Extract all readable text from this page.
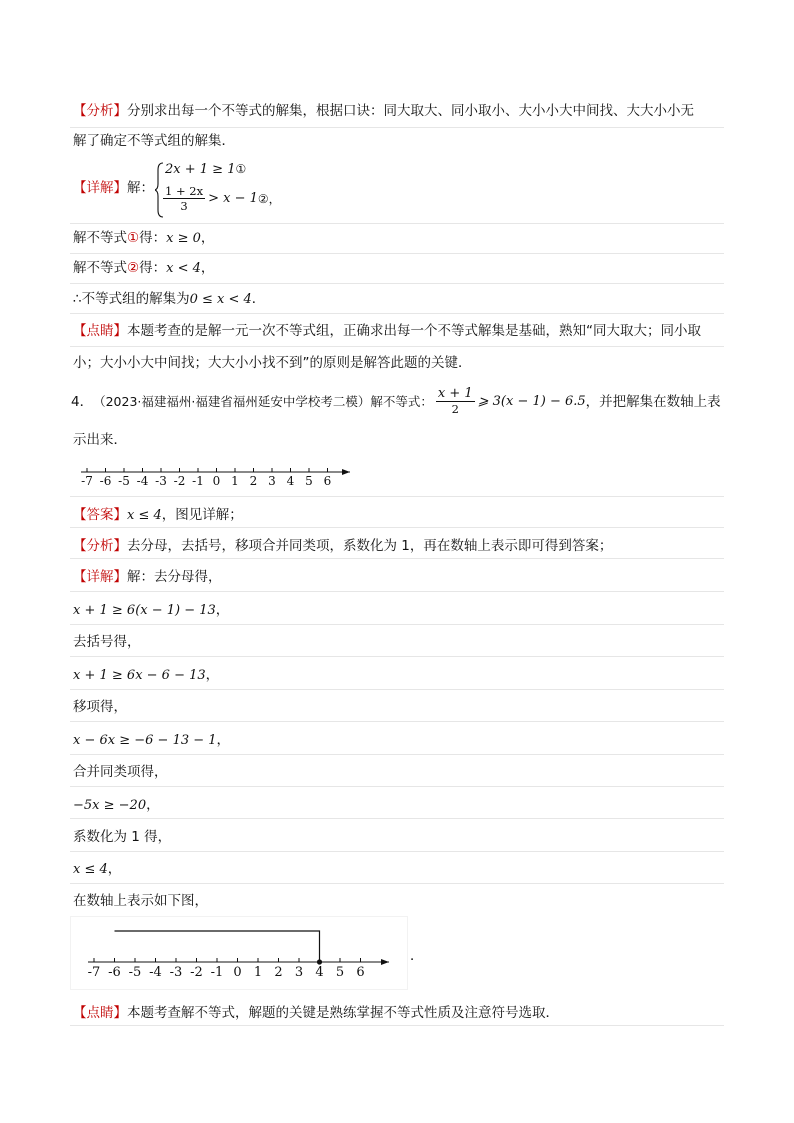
【分析】分别求出每一个不等式的解集，根据口诀：同大取大、同小取小、大小小大中间找、大大小小无
解了确定不等式组的解集．
【详解】解：
2x + 1 ≥ 1①
$\frac{1 + 2x}{3} > x - 1$ ② ，
解不等式①得：x ≥ 0，
解不等式②得：x < 4，
∴不等式组的解集为0 ≤ x < 4．
【点睛】本题考查的是解一元一次不等式组，正确求出每一个不等式解集是基础，熟知“同大取大；同小取
小；大小小大中间找；大大小小找不到”的原则是解答此题的关键．
4． （2023·福建福州·福建省福州延安中学校考二模）解不等式： $\frac{x + 1}{2}$ ⩾ 3(x − 1) − 6.5 ，并把解集在数轴上表
示出来．
-7 -6 -5 -4 -3 -2 -1 0 1 2 3 4 5 6
【答案】x ≤ 4，图见详解；
【分析】去分母，去括号，移项合并同类项，系数化为 1，再在数轴上表示即可得到答案；
【详解】解：去分母得，
x + 1 ≥ 6(x − 1) − 13，
去括号得，
x + 1 ≥ 6x − 6 − 13，
移项得，
x − 6x ≥ −6 − 13 − 1，
合并同类项得，
−5x ≥ −20，
系数化为 1 得，
x ≤ 4，
在数轴上表示如下图，
-7 -6 -5 -4 -3 -2 -1 0 1 2 3 4 5 6
．
【点睛】本题考查解不等式，解题的关键是熟练掌握不等式性质及注意符号选取．
